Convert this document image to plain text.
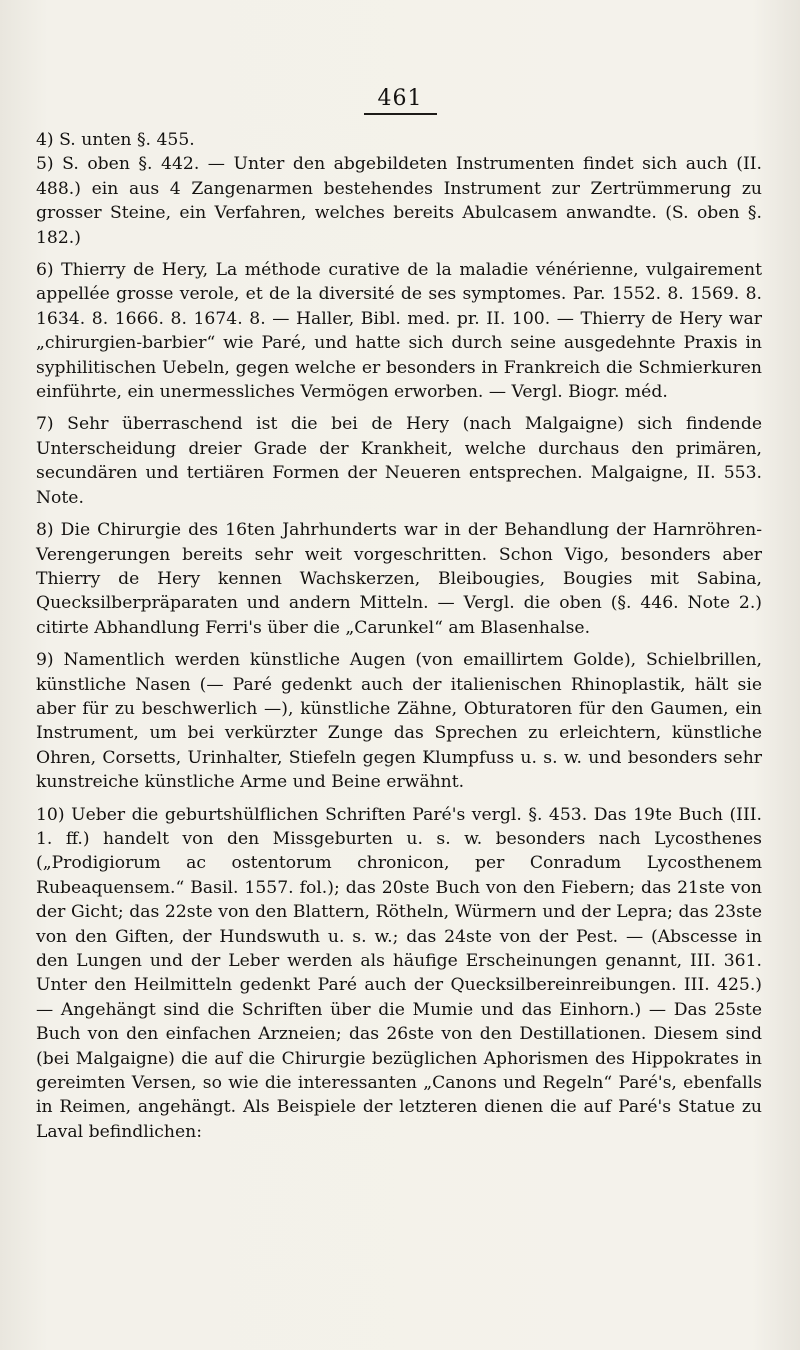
461

4) S. unten §. 455.

5) S. oben §. 442. — Unter den abgebildeten Instrumenten findet sich auch (II. 488.) ein aus 4 Zangenarmen bestehendes Instrument zur Zertrümmerung zu grosser Steine, ein Verfahren, welches bereits Abulcasem anwandte. (S. oben §. 182.)

6) Thierry de Hery, La méthode curative de la maladie vénérienne, vulgairement appellée grosse verole, et de la diversité de ses symptomes. Par. 1552. 8. 1569. 8. 1634. 8. 1666. 8. 1674. 8. — Haller, Bibl. med. pr. II. 100. — Thierry de Hery war „chirurgien-barbier“ wie Paré, und hatte sich durch seine ausgedehnte Praxis in syphilitischen Uebeln, gegen welche er besonders in Frankreich die Schmierkuren einführte, ein unermessliches Vermögen erworben. — Vergl. Biogr. méd.

7) Sehr überraschend ist die bei de Hery (nach Malgaigne) sich findende Unterscheidung dreier Grade der Krankheit, welche durchaus den primären, secundären und tertiären Formen der Neueren entsprechen. Malgaigne, II. 553. Note.

8) Die Chirurgie des 16ten Jahrhunderts war in der Behandlung der Harnröhren-Verengerungen bereits sehr weit vorgeschritten. Schon Vigo, besonders aber Thierry de Hery kennen Wachskerzen, Bleibougies, Bougies mit Sabina, Quecksilberpräparaten und andern Mitteln. — Vergl. die oben (§. 446. Note 2.) citirte Abhandlung Ferri's über die „Carunkel“ am Blasenhalse.

9) Namentlich werden künstliche Augen (von emaillirtem Golde), Schielbrillen, künstliche Nasen (— Paré gedenkt auch der italienischen Rhinoplastik, hält sie aber für zu beschwerlich —), künstliche Zähne, Obturatoren für den Gaumen, ein Instrument, um bei verkürzter Zunge das Sprechen zu erleichtern, künstliche Ohren, Corsetts, Urinhalter, Stiefeln gegen Klumpfuss u. s. w. und besonders sehr kunstreiche künstliche Arme und Beine erwähnt.

10) Ueber die geburtshülflichen Schriften Paré's vergl. §. 453. Das 19te Buch (III. 1. ff.) handelt von den Missgeburten u. s. w. besonders nach Lycosthenes („Prodigiorum ac ostentorum chronicon, per Conradum Lycosthenem Rubeaquensem.“ Basil. 1557. fol.); das 20ste Buch von den Fiebern; das 21ste von der Gicht; das 22ste von den Blattern, Rötheln, Würmern und der Lepra; das 23ste von den Giften, der Hundswuth u. s. w.; das 24ste von der Pest. — (Abscesse in den Lungen und der Leber werden als häufige Erscheinungen genannt, III. 361. Unter den Heilmitteln gedenkt Paré auch der Quecksilbereinreibungen. III. 425.) — Angehängt sind die Schriften über die Mumie und das Einhorn.) — Das 25ste Buch von den einfachen Arzneien; das 26ste von den Destillationen. Diesem sind (bei Malgaigne) die auf die Chirurgie bezüglichen Aphorismen des Hippokrates in gereimten Versen, so wie die interessanten „Canons und Regeln“ Paré's, ebenfalls in Reimen, angehängt. Als Beispiele der letzteren dienen die auf Paré's Statue zu Laval befindlichen:
